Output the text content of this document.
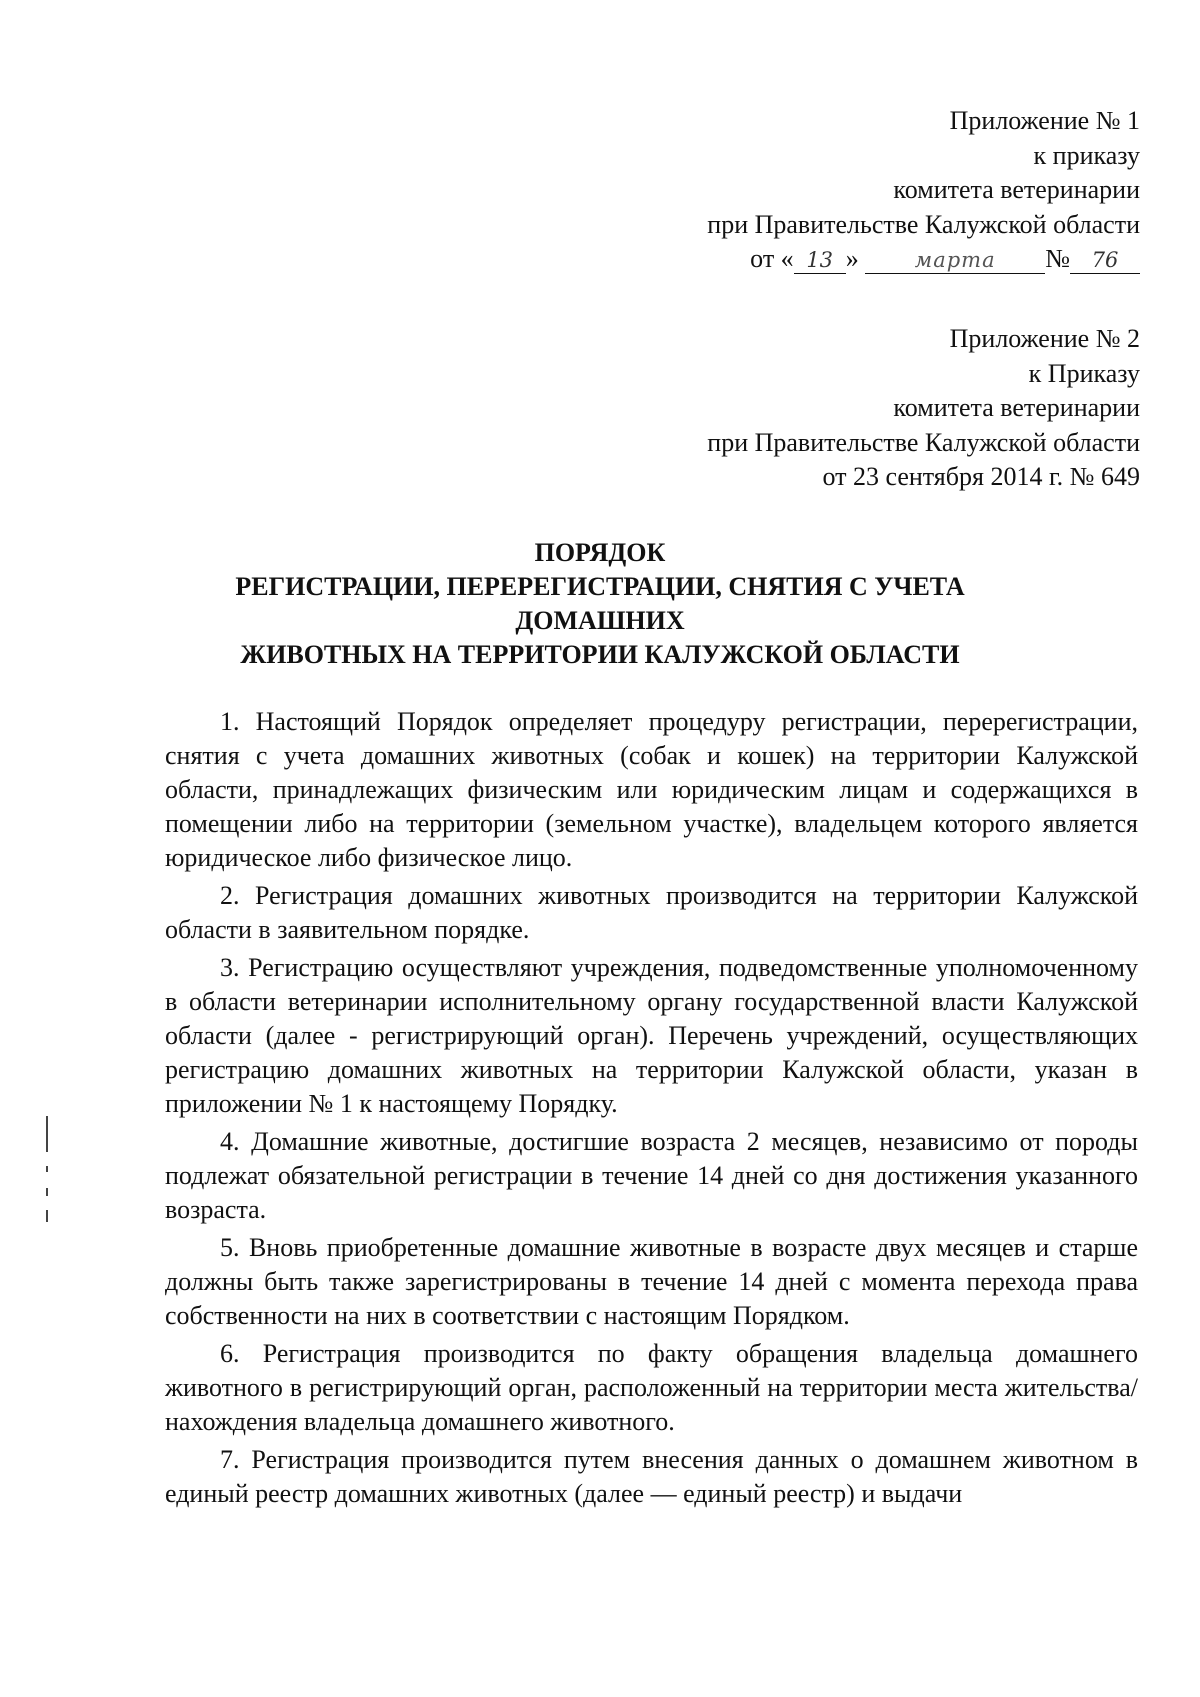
Приложение № 1
к приказу
комитета ветеринарии
при Правительстве Калужской области
от « 13 »	марта № 76
Приложение № 2
к Приказу
комитета ветеринарии
при Правительстве Калужской области
от 23 сентября 2014 г. № 649
ПОРЯДОК
РЕГИСТРАЦИИ, ПЕРЕРЕГИСТРАЦИИ, СНЯТИЯ С УЧЕТА ДОМАШНИХ
ЖИВОТНЫХ НА ТЕРРИТОРИИ КАЛУЖСКОЙ ОБЛАСТИ

1. Настоящий Порядок определяет процедуру регистрации, перерегистрации, снятия с учета домашних животных (собак и кошек) на территории Калужской области, принадлежащих физическим или юридическим лицам и содержащихся в помещении либо на территории (земельном участке), владельцем которого является юридическое либо физическое лицо.

2. Регистрация домашних животных производится на территории Калужской области в заявительном порядке.

3. Регистрацию осуществляют учреждения, подведомственные уполномоченному в области ветеринарии исполнительному органу государственной власти Калужской области (далее - регистрирующий орган). Перечень учреждений, осуществляющих регистрацию домашних животных на территории Калужской области, указан в приложении № 1 к настоящему Порядку.

4. Домашние животные, достигшие возраста 2 месяцев, независимо от породы подлежат обязательной регистрации в течение 14 дней со дня достижения указанного возраста.

5. Вновь приобретенные домашние животные в возрасте двух месяцев и старше должны быть также зарегистрированы в течение 14 дней с момента перехода права собственности на них в соответствии с настоящим Порядком.

6. Регистрация производится по факту обращения владельца домашнего животного в регистрирующий орган, расположенный на территории места жительства/нахождения владельца домашнего животного.

7. Регистрация производится путем внесения данных о домашнем животном в единый реестр домашних животных (далее — единый реестр) и выдачи
